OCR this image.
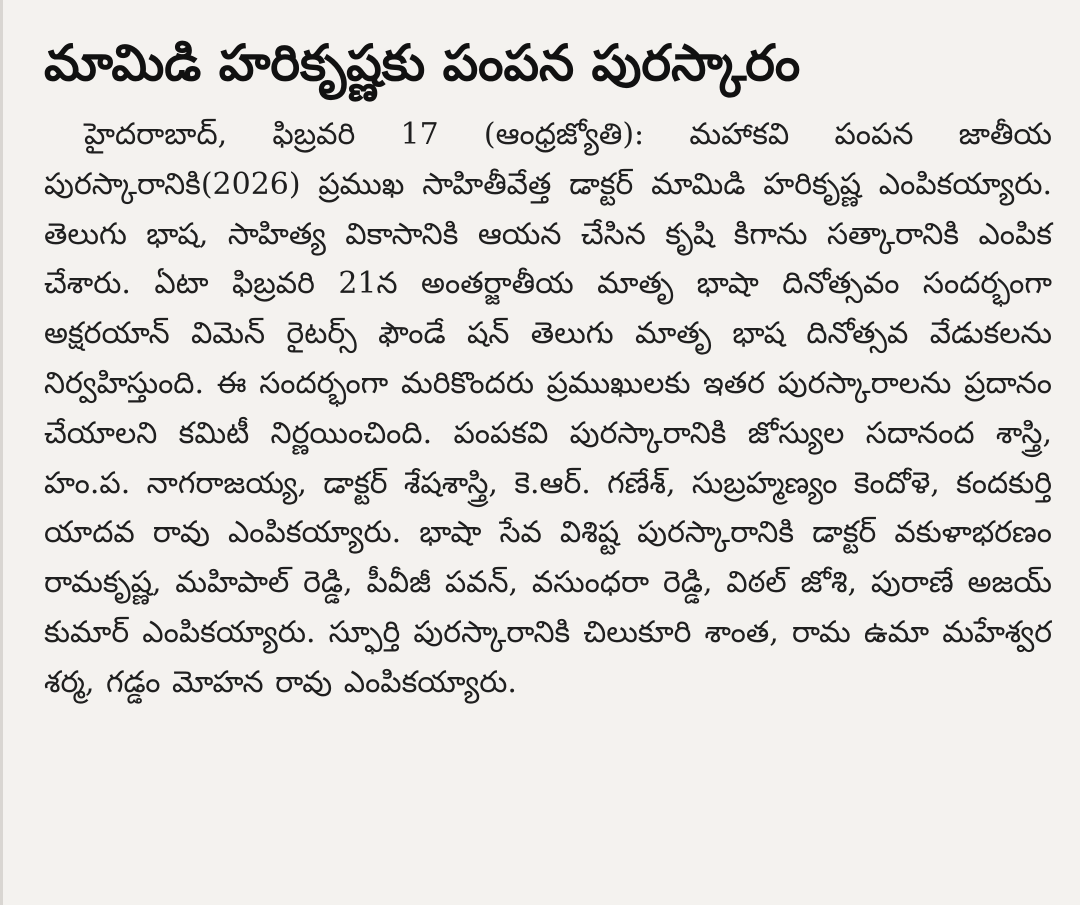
మామిడి హరికృష్ణకు పంపన పురస్కారం

హైదరాబాద్, ఫిబ్రవరి 17 (ఆంధ్రజ్యోతి): మహాకవి పంపన జాతీయ పురస్కారానికి(2026) ప్రముఖ సాహితీవేత్త డాక్టర్ మామిడి హరికృష్ణ ఎంపికయ్యారు. తెలుగు భాష, సాహిత్య వికాసానికి ఆయన చేసిన కృషి కిగాను సత్కారానికి ఎంపిక చేశారు. ఏటా ఫిబ్రవరి 21న అంతర్జాతీయ మాతృ భాషా దినోత్సవం సందర్భంగా అక్షరయాన్ విమెన్ రైటర్స్ ఫౌండే షన్ తెలుగు మాతృ భాష దినోత్సవ వేడుకలను నిర్వహిస్తుంది. ఈ సందర్భంగా మరికొందరు ప్రముఖులకు ఇతర పురస్కారాలను ప్రదానం చేయాలని కమిటీ నిర్ణయించింది. పంపకవి పురస్కారానికి జోస్యుల సదానంద శాస్త్రి, హం.ప. నాగరాజయ్య, డాక్టర్ శేషశాస్త్రి, కె.ఆర్. గణేశ్, సుబ్రహ్మణ్యం కెందోళె, కందకుర్తి యాదవ రావు ఎంపికయ్యారు. భాషా సేవ విశిష్ట పురస్కారానికి డాక్టర్ వకుళాభరణం రామకృష్ణ, మహిపాల్ రెడ్డి, పీవీజీ పవన్, వసుంధరా రెడ్డి, విఠల్ జోశి, పురాణే అజయ్ కుమార్ ఎంపికయ్యారు. స్ఫూర్తి పురస్కారానికి చిలుకూరి శాంత, రామ ఉమా మహేశ్వర శర్మ, గడ్డం మోహన రావు ఎంపికయ్యారు.
